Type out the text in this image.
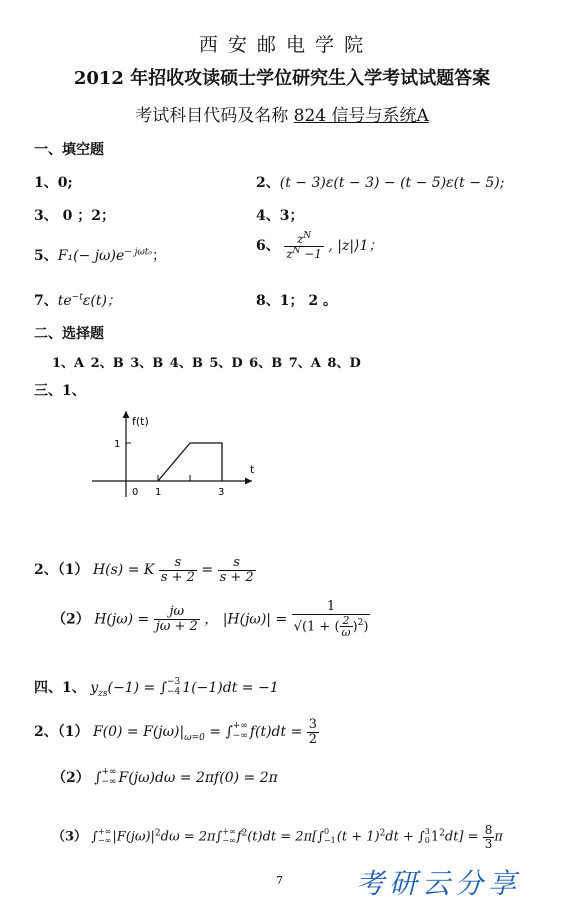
西 安 邮 电 学 院
2012 年招收攻读硕士学位研究生入学考试试题答案
考试科目代码及名称 824 信号与系统A
一、填空题
1、0;	2、(t − 3)ε(t − 3) − (t − 5)ε(t − 5);
3、 0 ；2；	4、3；
5、$F_1(- j\omega)e^{- j\omega t_0}$；
6、 $\frac{z^N}{z^N -1}$ , |z|⟩1；
7、$te^{-t}\varepsilon(t)$；	8、1； 2 。
二、选择题
1、A 2、B 3、B 4、B 5、D 6、B 7、A 8、D
三、1、
f(t)
t
1
0 1	3
2、（1） H(s) = K $\frac{s}{s + 2} = \frac{s}{s + 2}$
（2） $H(j\omega) = \frac{j\omega}{j\omega + 2}$ ， $|H(j\omega)| = \frac{1}{√(1 + ( \frac{2}{\omega} )^2)}$
四、1、 $y_{zs}(-1)$ = ∫ −3
−4 1(−1)dt = −1
2、（1） $F(0) = F(j\omega)|_{\omega=0}$ = ∫ +∞
−∞ $f(t)dt = \frac{3}{2}$
（2） ∫ +∞
−∞ F(jω)dω = 2πf(0) = 2π
（3） ∫ +∞
−∞ $|F(j\omega)|^2d\omega = 2\pi\int$ +∞
−∞ $f^2(t)dt = 2\pi[\int$ 0
−1 $(t + 1)^2dt$ + ∫ 3
0 $1^2dt] = \frac{8}{3}$ π
7	考研云分享
